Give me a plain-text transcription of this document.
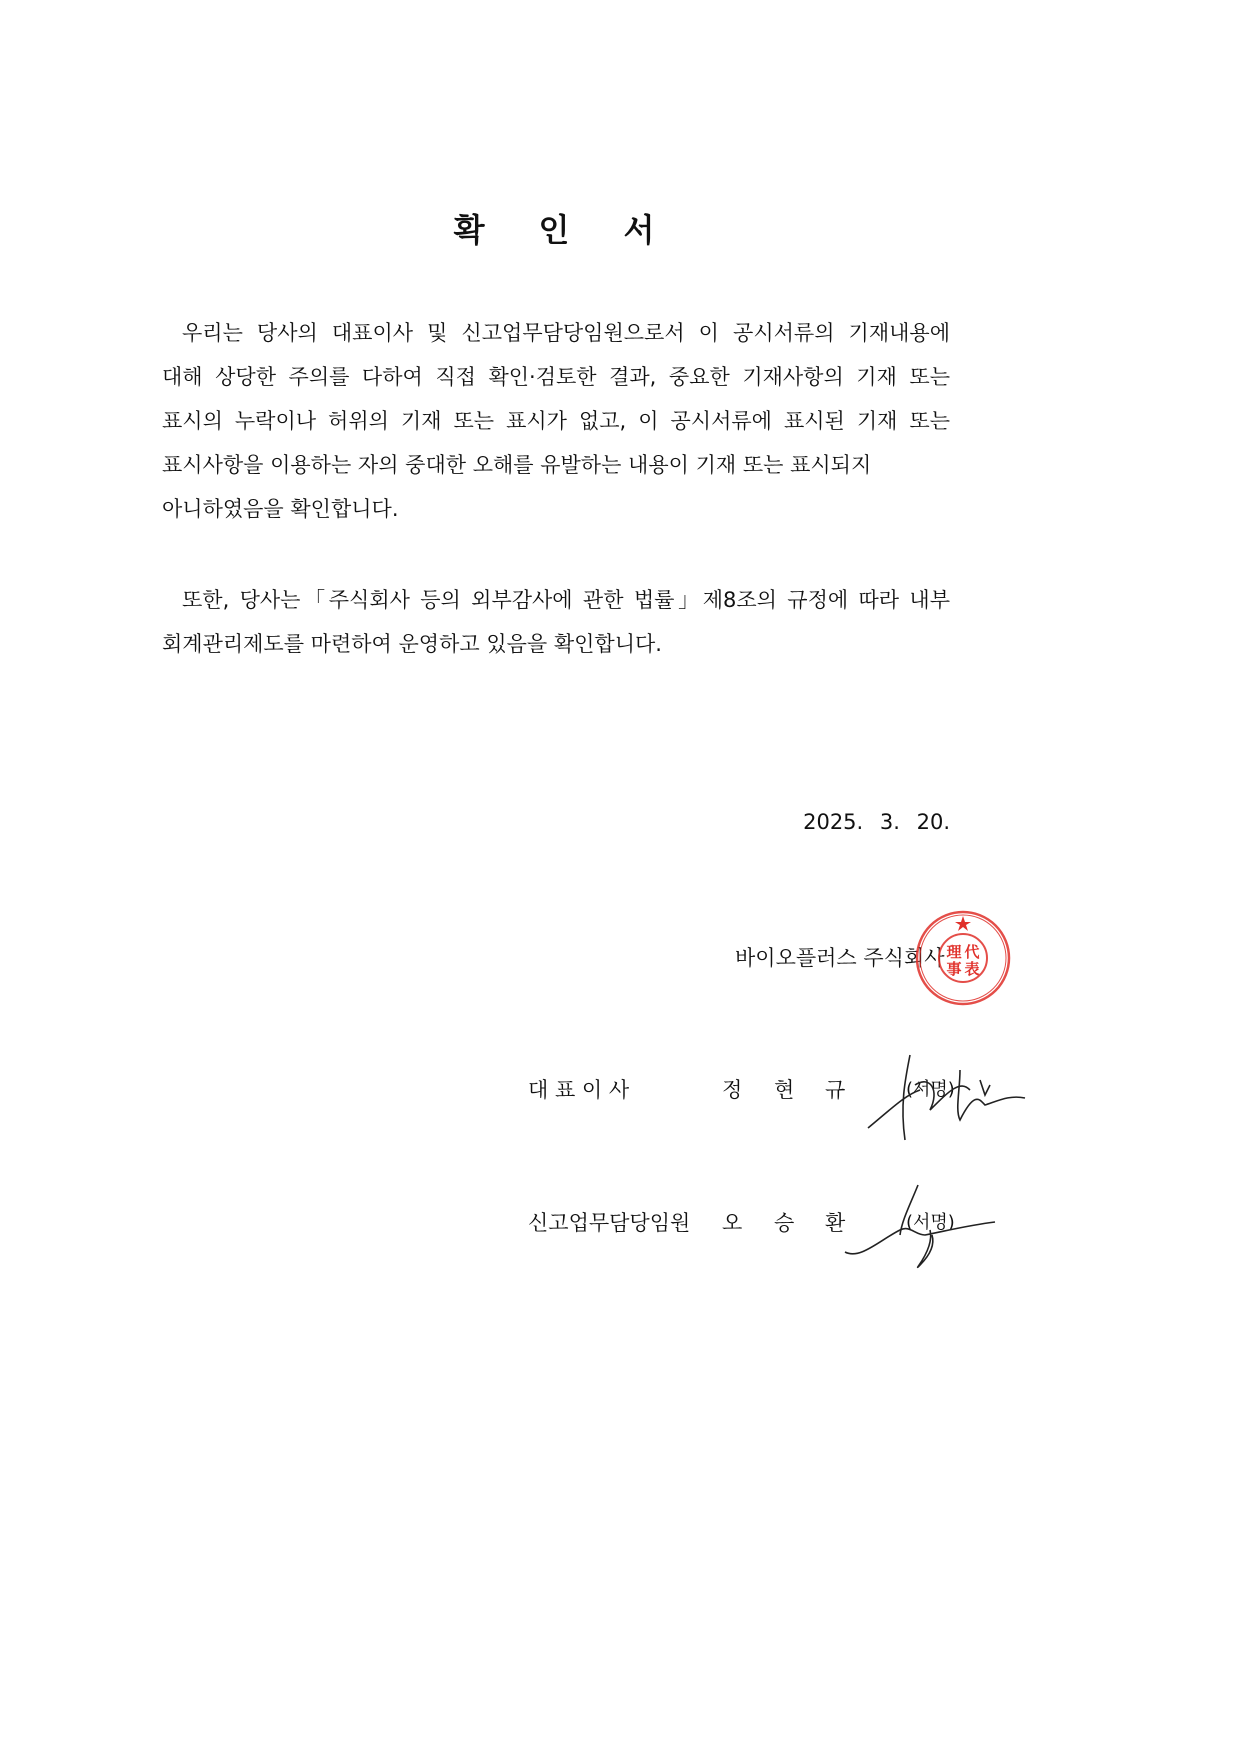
확 인 서
우리는 당사의 대표이사 및 신고업무담당임원으로서 이 공시서류의 기재내용에
대해 상당한 주의를 다하여 직접 확인·검토한 결과, 중요한 기재사항의 기재 또는
표시의 누락이나 허위의 기재 또는 표시가 없고, 이 공시서류에 표시된 기재 또는
표시사항을 이용하는 자의 중대한 오해를 유발하는 내용이 기재 또는 표시되지
아니하였음을 확인합니다.
또한, 당사는「주식회사 등의 외부감사에 관한 법률」제8조의 규정에 따라 내부
회계관리제도를 마련하여 운영하고 있음을 확인합니다.
2025. 3. 20.
바이오플러스 주식회사 理 代
事 表
대 표 이 사	정 현 규	(서명)
신고업무담당임원 오 승 환	(서명)
